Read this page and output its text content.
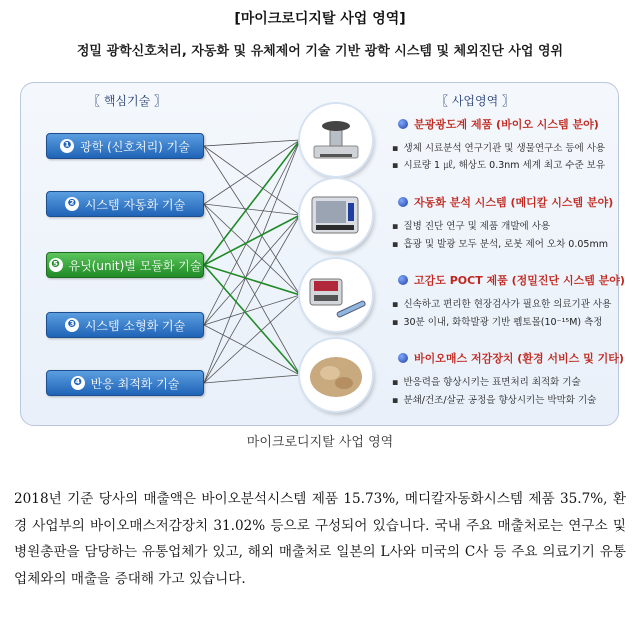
[마이크로디지탈 사업 영역]
정밀 광학신호처리, 자동화 및 유체제어 기술 기반 광학 시스템 및 체외진단 사업 영위
〖 핵심기술 〗	〖 사업영역 〗
❶ 광학 (신호처리) 기술
❷ 시스템 자동화 기술
❺ 유닛(unit)별 모듈화 기술
❸ 시스템 소형화 기술
❹ 반응 최적화 기술
분광광도계 제품 (바이오 시스템 분야)
▪ 생체 시료분석 연구기관 및 생물연구소 등에 사용
▪ 시료량 1 ㎕, 해상도 0.3nm 세계 최고 수준 보유
자동화 분석 시스템 (메디칼 시스템 분야)
▪ 질병 진단 연구 및 제품 개발에 사용
▪ 흡광 및 발광 모두 분석, 로봇 제어 오차 0.05mm
고감도 POCT 제품 (정밀진단 시스템 분야)
▪ 신속하고 편리한 현장검사가 필요한 의료기관 사용
▪ 30분 이내, 화학발광 기반 펨토몰(10⁻¹⁵M) 측정
바이오매스 저감장치 (환경 서비스 및 기타)
▪ 반응력을 향상시키는 표면처리 최적화 기술
▪ 분쇄/건조/살균 공정을 향상시키는 박막화 기술
마이크로디지탈 사업 영역
2018년 기준 당사의 매출액은 바이오분석시스템 제품 15.73%, 메디칼자동화시스템 제품 35.7%, 환경 사업부의 바이오매스저감장치 31.02% 등으로 구성되어 있습니다. 국내 주요 매출처로는 연구소 및 병원총판을 담당하는 유통업체가 있고, 해외 매출처로 일본의 L사와 미국의 C사 등 주요 의료기기 유통업체와의 매출을 증대해 가고 있습니다.
